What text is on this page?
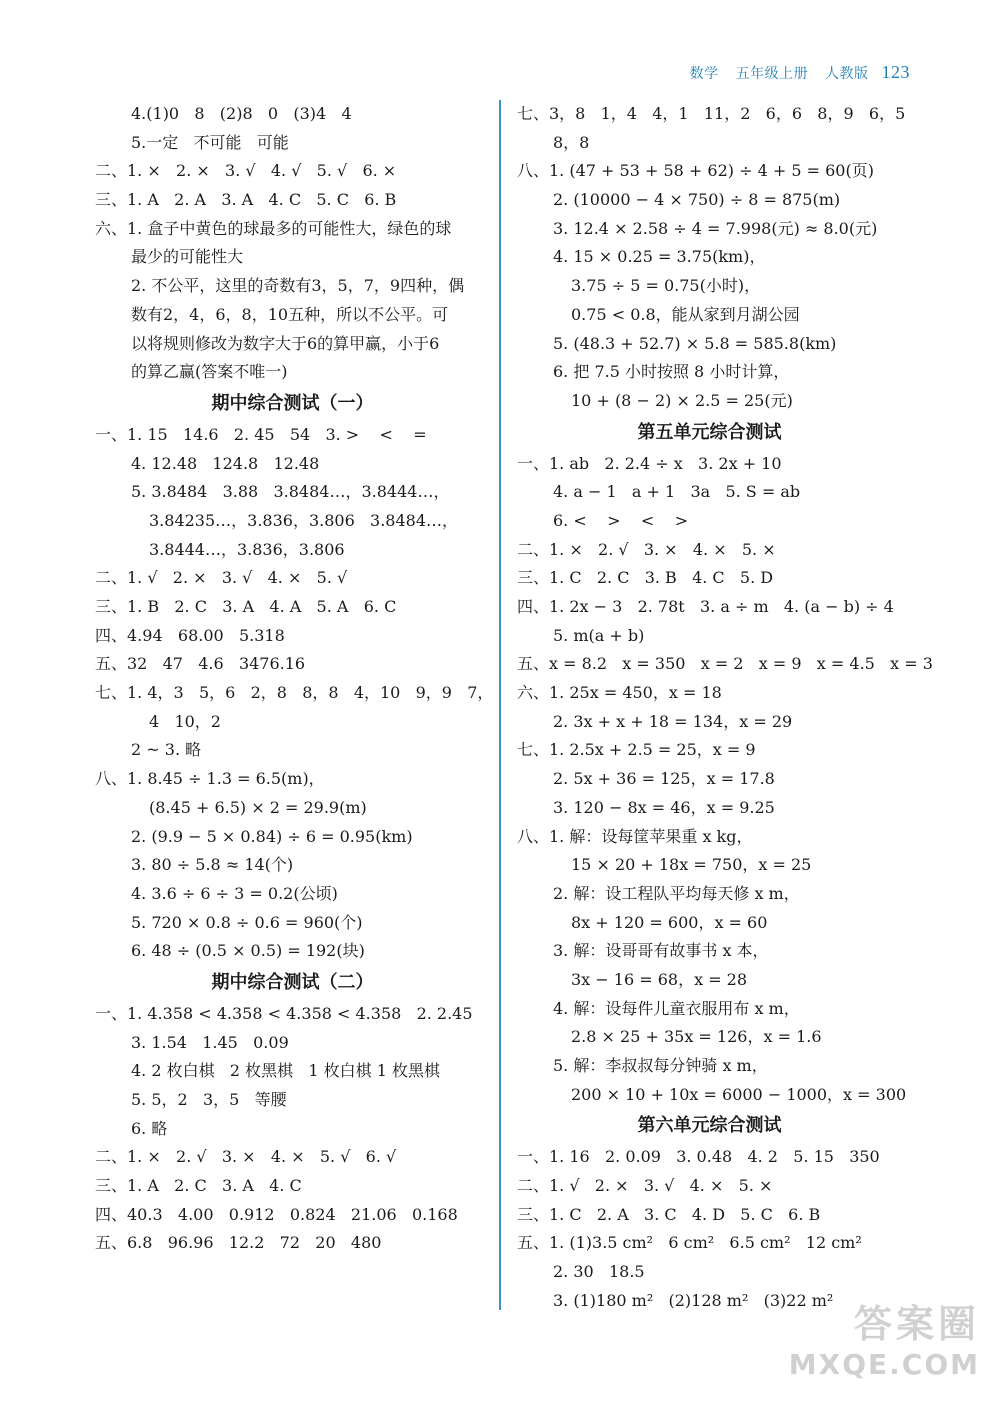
数学 五年级上册 人教版 123
4.(1)0   8   (2)8   0   (3)4   4
5.一定   不可能   可能
二、1. ×   2. ×   3. √   4. √   5. √   6. ×
三、1. A   2. A   3. A   4. C   5. C   6. B
六、1. 盒子中黄色的球最多的可能性大，绿色的球
最少的可能性大
2. 不公平，这里的奇数有3，5，7，9四种，偶
数有2，4，6，8，10五种，所以不公平。可
以将规则修改为数字大于6的算甲赢，小于6
的算乙赢(答案不唯一)
期中综合测试（一）
一、1. 15   14.6   2. 45   54   3. >    <    =
4. 12.48   124.8   12.48
5. 3.8484   3.88   3.8484…，3.8444…，
3.84235…，3.836，3.806   3.8484…，
3.8444…，3.836，3.806
二、1. √   2. ×   3. √   4. ×   5. √
三、1. B   2. C   3. A   4. A   5. A   6. C
四、4.94   68.00   5.318
五、32   47   4.6   3476.16
七、1. 4，3   5，6   2，8   8，8   4，10   9，9   7，
4   10，2
2 ~ 3. 略
八、1. 8.45 ÷ 1.3 = 6.5(m)，
(8.45 + 6.5) × 2 = 29.9(m)
2. (9.9 − 5 × 0.84) ÷ 6 = 0.95(km)
3. 80 ÷ 5.8 ≈ 14(个)
4. 3.6 ÷ 6 ÷ 3 = 0.2(公顷)
5. 720 × 0.8 ÷ 0.6 = 960(个)
6. 48 ÷ (0.5 × 0.5) = 192(块)
期中综合测试（二）
一、1. 4.358 < 4.358 < 4.358 < 4.358   2. 2.45
3. 1.54   1.45   0.09
4. 2 枚白棋   2 枚黑棋   1 枚白棋 1 枚黑棋
5. 5，2   3，5   等腰
6. 略
二、1. ×   2. √   3. ×   4. ×   5. √   6. √
三、1. A   2. C   3. A   4. C
四、40.3   4.00   0.912   0.824   21.06   0.168
五、6.8   96.96   12.2   72   20   480
七、3，8   1，4   4，1   11，2   6，6   8，9   6，5
8，8
八、1. (47 + 53 + 58 + 62) ÷ 4 + 5 = 60(页)
2. (10000 − 4 × 750) ÷ 8 = 875(m)
3. 12.4 × 2.58 ÷ 4 = 7.998(元) ≈ 8.0(元)
4. 15 × 0.25 = 3.75(km)，
3.75 ÷ 5 = 0.75(小时)，
0.75 < 0.8，能从家到月湖公园
5. (48.3 + 52.7) × 5.8 = 585.8(km)
6. 把 7.5 小时按照 8 小时计算，
10 + (8 − 2) × 2.5 = 25(元)
第五单元综合测试
一、1. ab   2. 2.4 ÷ x   3. 2x + 10
4. a − 1   a + 1   3a   5. S = ab
6. <    >    <    >
二、1. ×   2. √   3. ×   4. ×   5. ×
三、1. C   2. C   3. B   4. C   5. D
四、1. 2x − 3   2. 78t   3. a ÷ m   4. (a − b) ÷ 4
5. m(a + b)
五、x = 8.2   x = 350   x = 2   x = 9   x = 4.5   x = 3
六、1. 25x = 450，x = 18
2. 3x + x + 18 = 134，x = 29
七、1. 2.5x + 2.5 = 25，x = 9
2. 5x + 36 = 125，x = 17.8
3. 120 − 8x = 46，x = 9.25
八、1. 解：设每筐苹果重 x kg，
15 × 20 + 18x = 750，x = 25
2. 解：设工程队平均每天修 x m，
8x + 120 = 600，x = 60
3. 解：设哥哥有故事书 x 本，
3x − 16 = 68，x = 28
4. 解：设每件儿童衣服用布 x m，
2.8 × 25 + 35x = 126，x = 1.6
5. 解：李叔叔每分钟骑 x m，
200 × 10 + 10x = 6000 − 1000，x = 300
第六单元综合测试
一、1. 16   2. 0.09   3. 0.48   4. 2   5. 15   350
二、1. √   2. ×   3. √   4. ×   5. ×
三、1. C   2. A   3. C   4. D   5. C   6. B
五、1. (1)3.5 cm²   6 cm²   6.5 cm²   12 cm²
2. 30   18.5
3. (1)180 m²   (2)128 m²   (3)22 m²
答案圈
MXQE.COM
